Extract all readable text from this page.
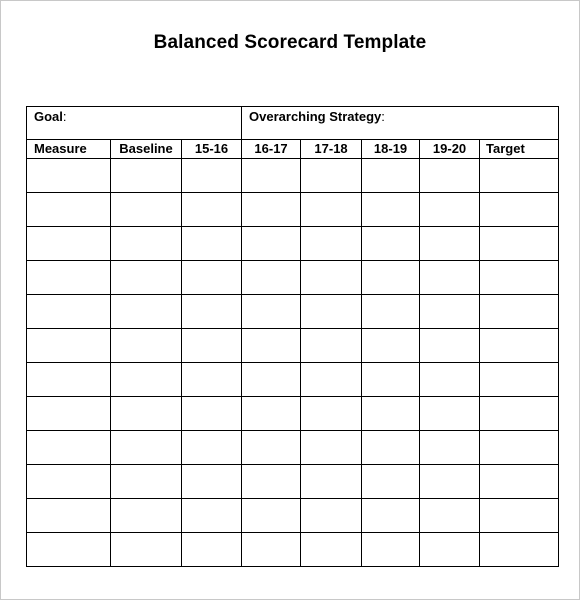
Balanced Scorecard Template
Goal:			Overarching Strategy:				
Measure	Baseline	15-16	16-17	17-18	18-19	19-20	Target
